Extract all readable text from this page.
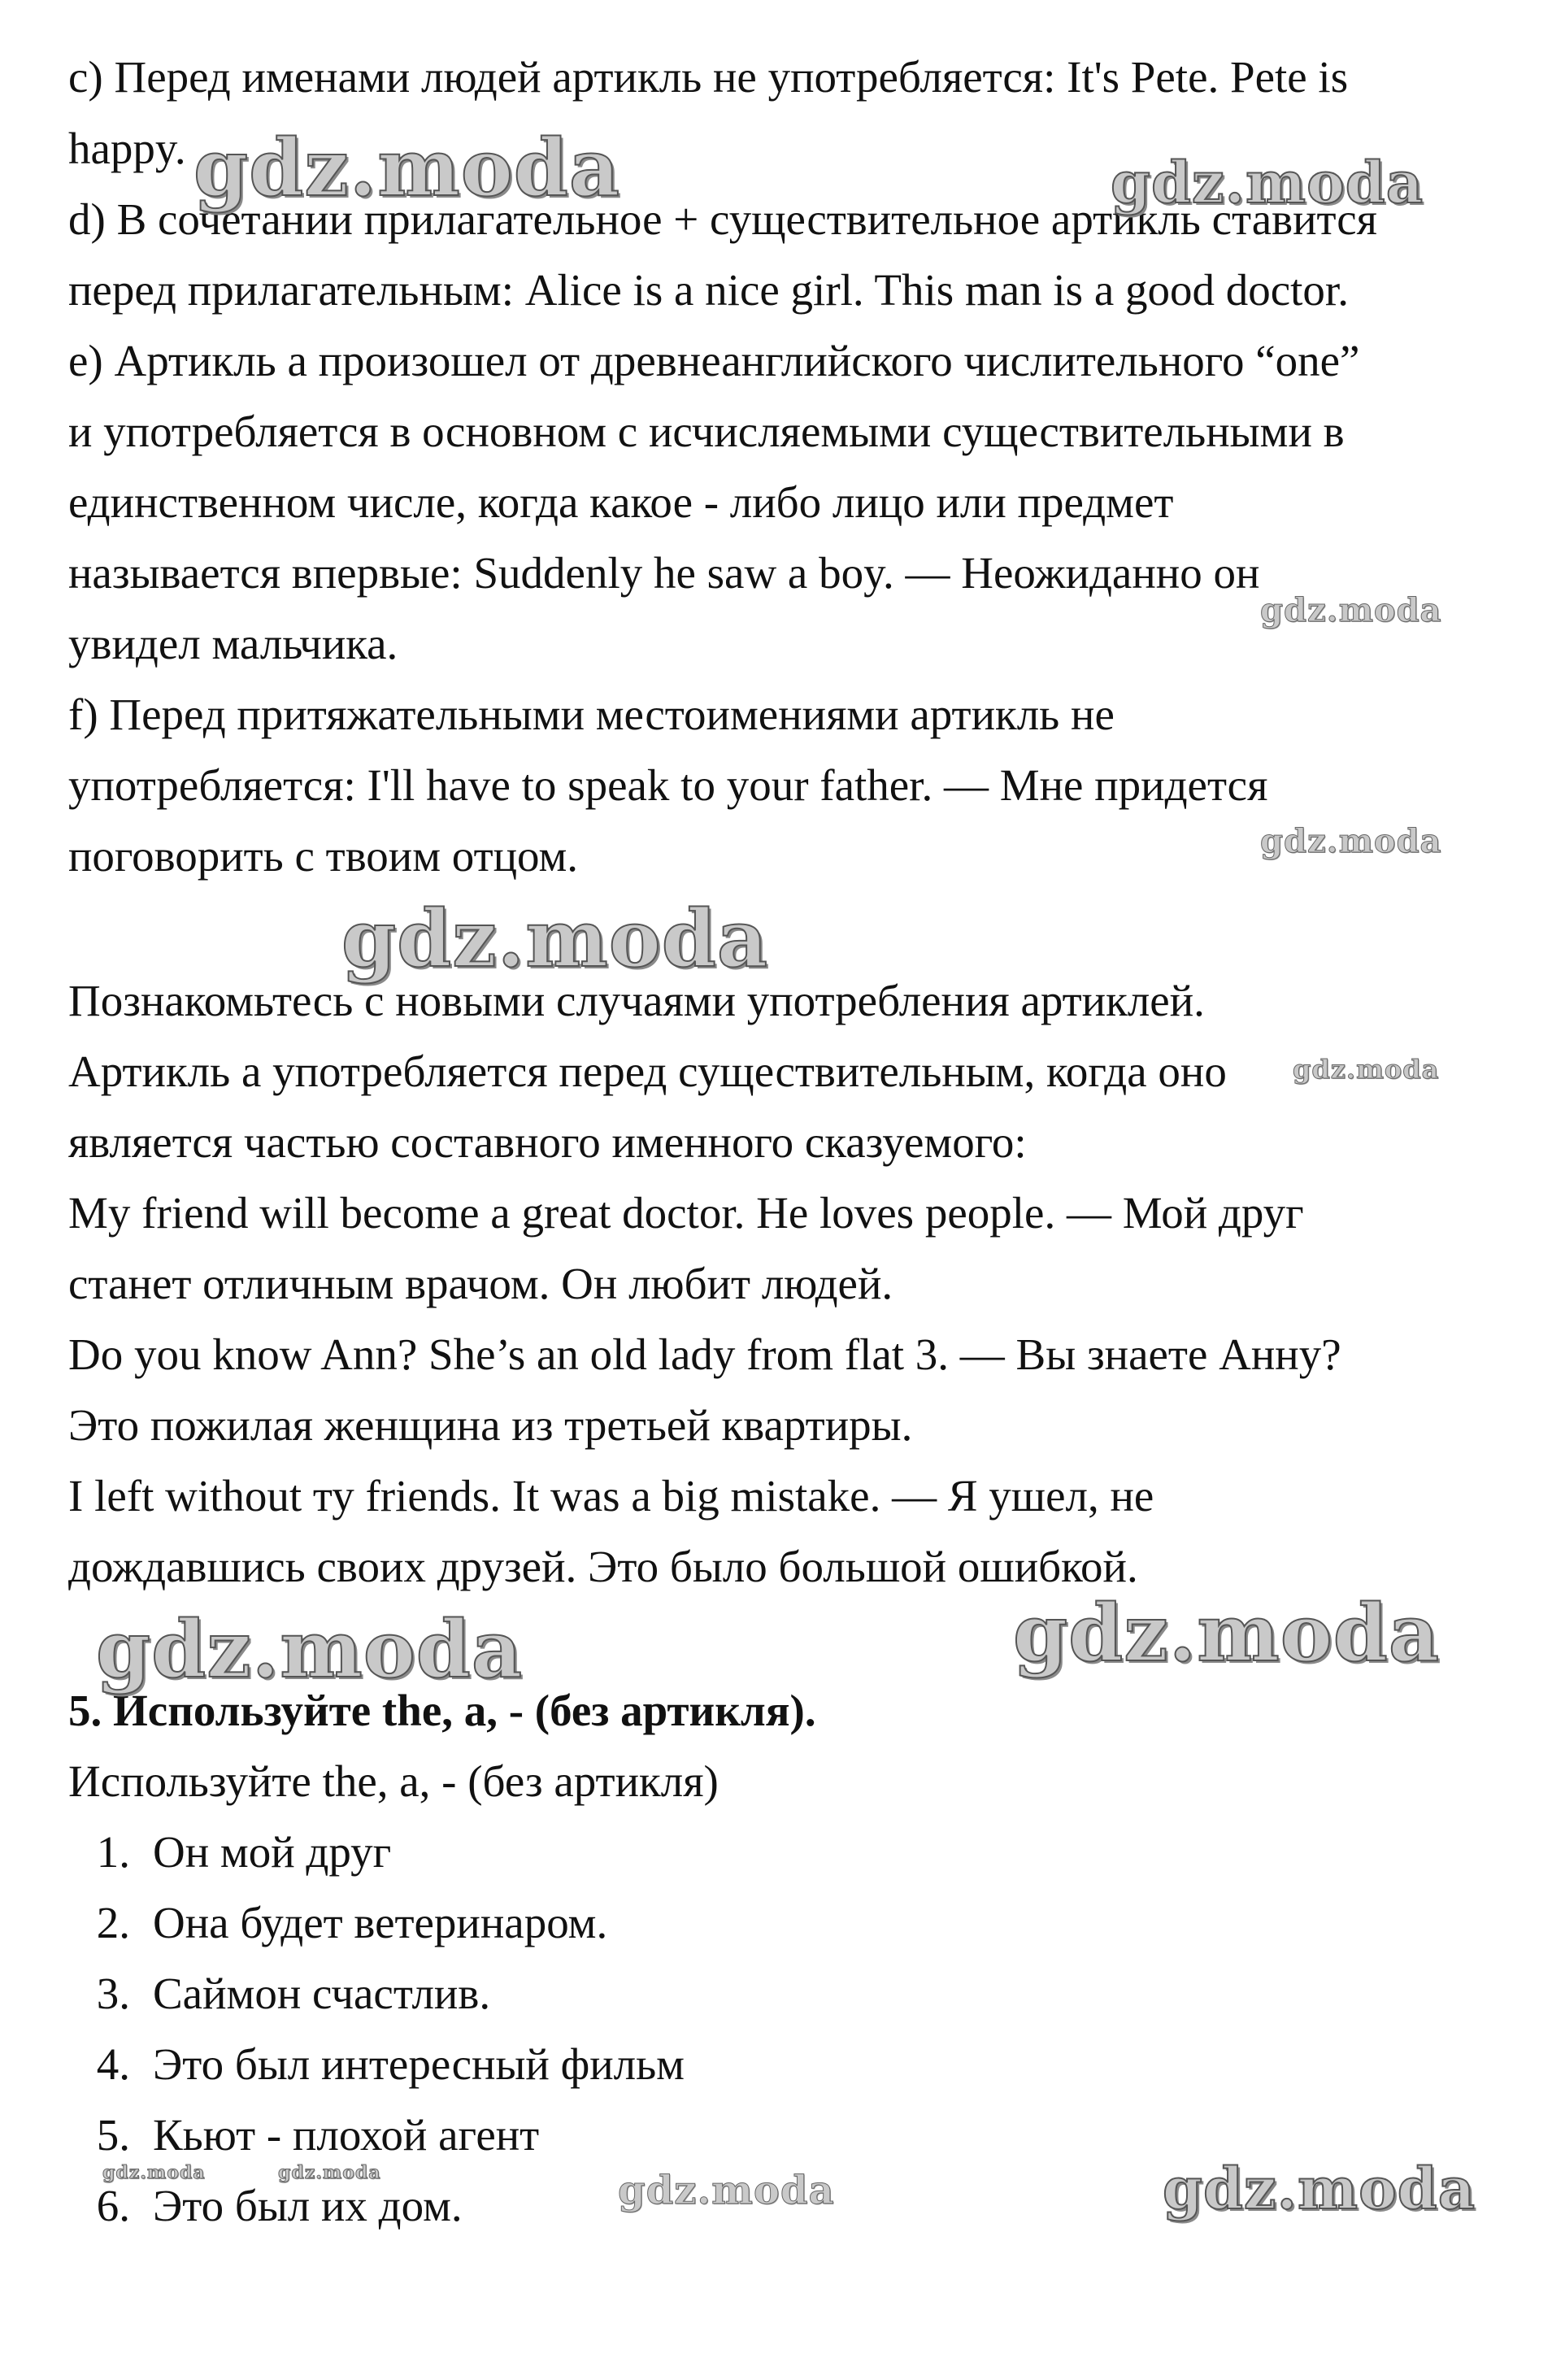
c) Перед именами людей артикль не употребляется: It's Pete. Pete is
happy.
d) В сочетании прилагательное + существительное артикль ставится
перед прилагательным: Alice is a nice girl. This man is a good doctor.
e) Артикль a произошел от древнеанглийского числительного “one”
и употребляется в основном с исчисляемыми существительными в
единственном числе, когда какое - либо лицо или предмет
называется впервые: Suddenly he saw a boy. — Неожиданно он
увидел мальчика.
f) Перед притяжательными местоимениями артикль не
употребляется: I'll have to speak to your father. — Мне придется
поговорить с твоим отцом.
Познакомьтесь с новыми случаями употребления артиклей.
Артикль a употребляется перед существительным, когда оно
является частью составного именного сказуемого:
My friend will become a great doctor. He loves people. — Мой друг
станет отличным врачом. Он любит людей.
Do you know Ann? She’s an old lady from flat 3. — Вы знаете Анну?
Это пожилая женщина из третьей квартиры.
I left without ту friends. It was a big mistake. — Я ушел, не
дождавшись своих друзей. Это было большой ошибкой.
5. Используйте the, a, - (без артикля).
Используйте the, a, - (без артикля)
1. Он мой друг
2. Она будет ветеринаром.
3. Саймон счастлив.
4. Это был интересный фильм
5. Кьют - плохой агент
6. Это был их дом.
gdz.moda	gdz.moda
gdz.moda
gdz.moda
gdz.moda
gdz.moda
gdz.moda	gdz.moda
gdz.moda	gdz.moda	gdz.moda	gdz.moda
